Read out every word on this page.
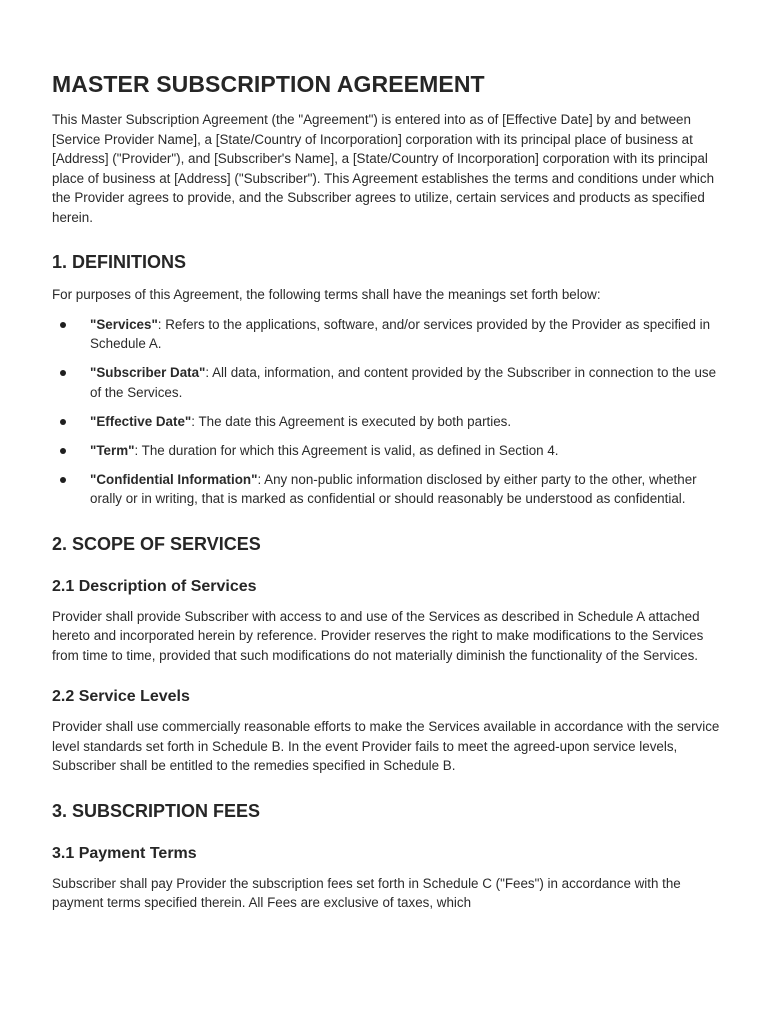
MASTER SUBSCRIPTION AGREEMENT

This Master Subscription Agreement (the "Agreement") is entered into as of [Effective Date] by and between [Service Provider Name], a [State/Country of Incorporation] corporation with its principal place of business at [Address] ("Provider"), and [Subscriber's Name], a [State/Country of Incorporation] corporation with its principal place of business at [Address] ("Subscriber"). This Agreement establishes the terms and conditions under which the Provider agrees to provide, and the Subscriber agrees to utilize, certain services and products as specified herein.

1. DEFINITIONS

For purposes of this Agreement, the following terms shall have the meanings set forth below:

"Services": Refers to the applications, software, and/or services provided by the Provider as specified in Schedule A.
"Subscriber Data": All data, information, and content provided by the Subscriber in connection to the use of the Services.
"Effective Date": The date this Agreement is executed by both parties.
"Term": The duration for which this Agreement is valid, as defined in Section 4.
"Confidential Information": Any non-public information disclosed by either party to the other, whether orally or in writing, that is marked as confidential or should reasonably be understood as confidential.
2. SCOPE OF SERVICES
2.1 Description of Services

Provider shall provide Subscriber with access to and use of the Services as described in Schedule A attached hereto and incorporated herein by reference. Provider reserves the right to make modifications to the Services from time to time, provided that such modifications do not materially diminish the functionality of the Services.

2.2 Service Levels

Provider shall use commercially reasonable efforts to make the Services available in accordance with the service level standards set forth in Schedule B. In the event Provider fails to meet the agreed-upon service levels, Subscriber shall be entitled to the remedies specified in Schedule B.

3. SUBSCRIPTION FEES
3.1 Payment Terms

Subscriber shall pay Provider the subscription fees set forth in Schedule C ("Fees") in accordance with the payment terms specified therein. All Fees are exclusive of taxes, which
